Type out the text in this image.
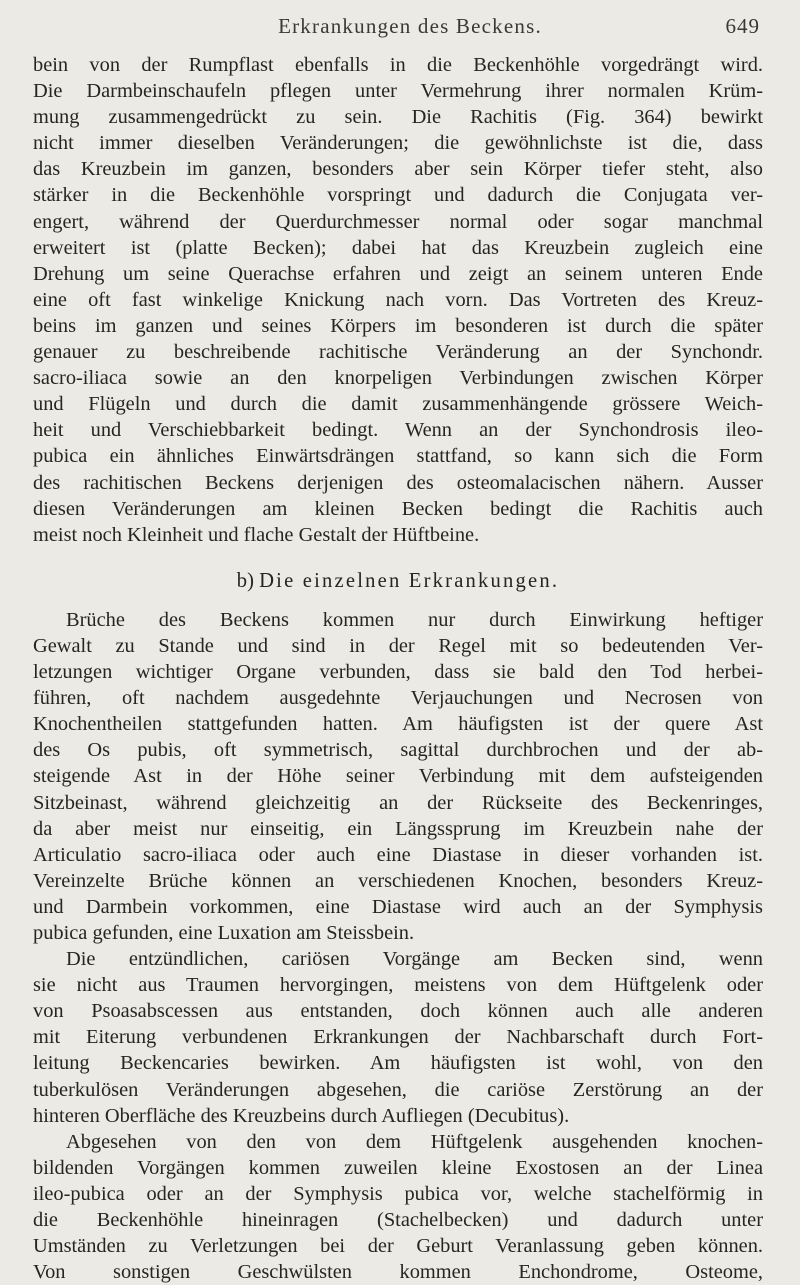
Erkrankungen des Beckens.	649
bein von der Rumpflast ebenfalls in die Beckenhöhle vorgedrängt wird.
Die Darmbeinschaufeln pflegen unter Vermehrung ihrer normalen Krüm-
mung zusammengedrückt zu sein. Die Rachitis (Fig. 364) bewirkt
nicht immer dieselben Veränderungen; die gewöhnlichste ist die, dass
das Kreuzbein im ganzen, besonders aber sein Körper tiefer steht, also
stärker in die Beckenhöhle vorspringt und dadurch die Conjugata ver-
engert, während der Querdurchmesser normal oder sogar manchmal
erweitert ist (platte Becken); dabei hat das Kreuzbein zugleich eine
Drehung um seine Querachse erfahren und zeigt an seinem unteren Ende
eine oft fast winkelige Knickung nach vorn. Das Vortreten des Kreuz-
beins im ganzen und seines Körpers im besonderen ist durch die später
genauer zu beschreibende rachitische Veränderung an der Synchondr.
sacro-iliaca sowie an den knorpeligen Verbindungen zwischen Körper
und Flügeln und durch die damit zusammenhängende grössere Weich-
heit und Verschiebbarkeit bedingt. Wenn an der Synchondrosis ileo-
pubica ein ähnliches Einwärtsdrängen stattfand, so kann sich die Form
des rachitischen Beckens derjenigen des osteomalacischen nähern. Ausser
diesen Veränderungen am kleinen Becken bedingt die Rachitis auch
meist noch Kleinheit und flache Gestalt der Hüftbeine.
b) Die einzelnen Erkrankungen.
Brüche des Beckens kommen nur durch Einwirkung heftiger
Gewalt zu Stande und sind in der Regel mit so bedeutenden Ver-
letzungen wichtiger Organe verbunden, dass sie bald den Tod herbei-
führen, oft nachdem ausgedehnte Verjauchungen und Necrosen von
Knochentheilen stattgefunden hatten. Am häufigsten ist der quere Ast
des Os pubis, oft symmetrisch, sagittal durchbrochen und der ab-
steigende Ast in der Höhe seiner Verbindung mit dem aufsteigenden
Sitzbeinast, während gleichzeitig an der Rückseite des Beckenringes,
da aber meist nur einseitig, ein Längssprung im Kreuzbein nahe der
Articulatio sacro-iliaca oder auch eine Diastase in dieser vorhanden ist.
Vereinzelte Brüche können an verschiedenen Knochen, besonders Kreuz-
und Darmbein vorkommen, eine Diastase wird auch an der Symphysis
pubica gefunden, eine Luxation am Steissbein.
Die entzündlichen, cariösen Vorgänge am Becken sind, wenn
sie nicht aus Traumen hervorgingen, meistens von dem Hüftgelenk oder
von Psoasabscessen aus entstanden, doch können auch alle anderen
mit Eiterung verbundenen Erkrankungen der Nachbarschaft durch Fort-
leitung Beckencaries bewirken. Am häufigsten ist wohl, von den
tuberkulösen Veränderungen abgesehen, die cariöse Zerstörung an der
hinteren Oberfläche des Kreuzbeins durch Aufliegen (Decubitus).
Abgesehen von den von dem Hüftgelenk ausgehenden knochen-
bildenden Vorgängen kommen zuweilen kleine Exostosen an der Linea
ileo-pubica oder an der Symphysis pubica vor, welche stachelförmig in
die Beckenhöhle hineinragen (Stachelbecken) und dadurch unter
Umständen zu Verletzungen bei der Geburt Veranlassung geben können.
Von sonstigen Geschwülsten kommen Enchondrome, Osteome,
